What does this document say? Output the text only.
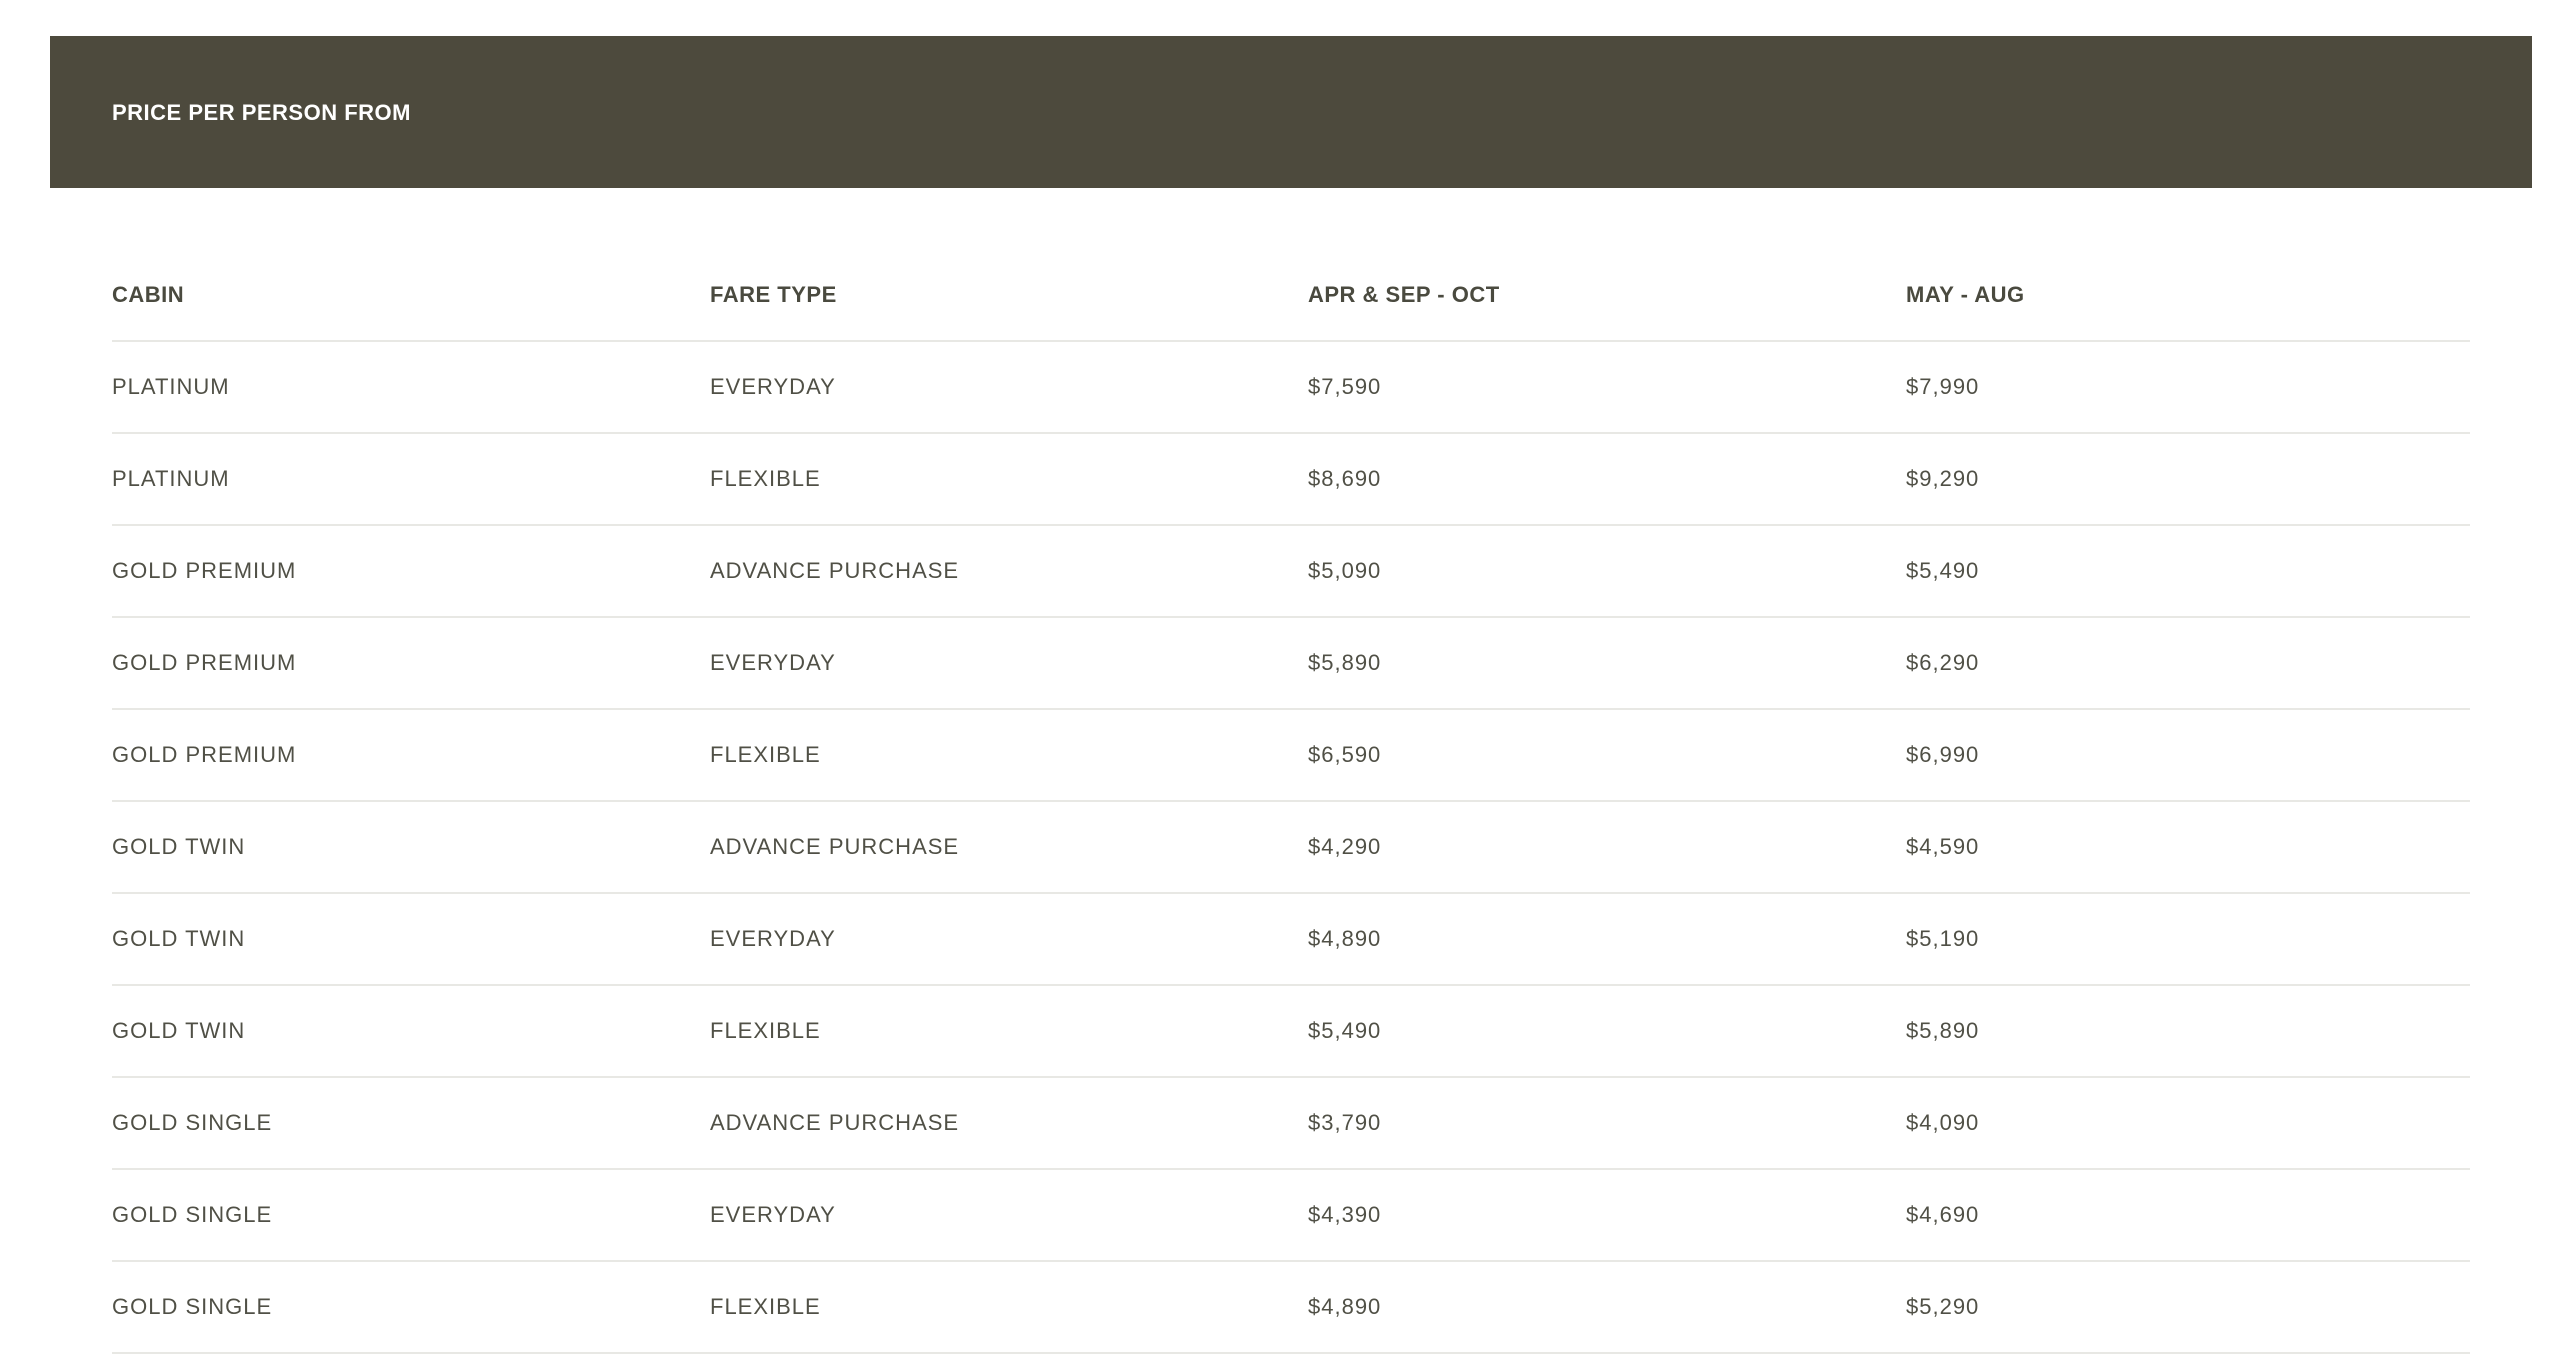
PRICE PER PERSON FROM
CABIN	FARE TYPE	APR & SEP - OCT	MAY - AUG
PLATINUM	EVERYDAY	$7,590	$7,990
PLATINUM	FLEXIBLE	$8,690	$9,290
GOLD PREMIUM	ADVANCE PURCHASE	$5,090	$5,490
GOLD PREMIUM	EVERYDAY	$5,890	$6,290
GOLD PREMIUM	FLEXIBLE	$6,590	$6,990
GOLD TWIN	ADVANCE PURCHASE	$4,290	$4,590
GOLD TWIN	EVERYDAY	$4,890	$5,190
GOLD TWIN	FLEXIBLE	$5,490	$5,890
GOLD SINGLE	ADVANCE PURCHASE	$3,790	$4,090
GOLD SINGLE	EVERYDAY	$4,390	$4,690
GOLD SINGLE	FLEXIBLE	$4,890	$5,290
